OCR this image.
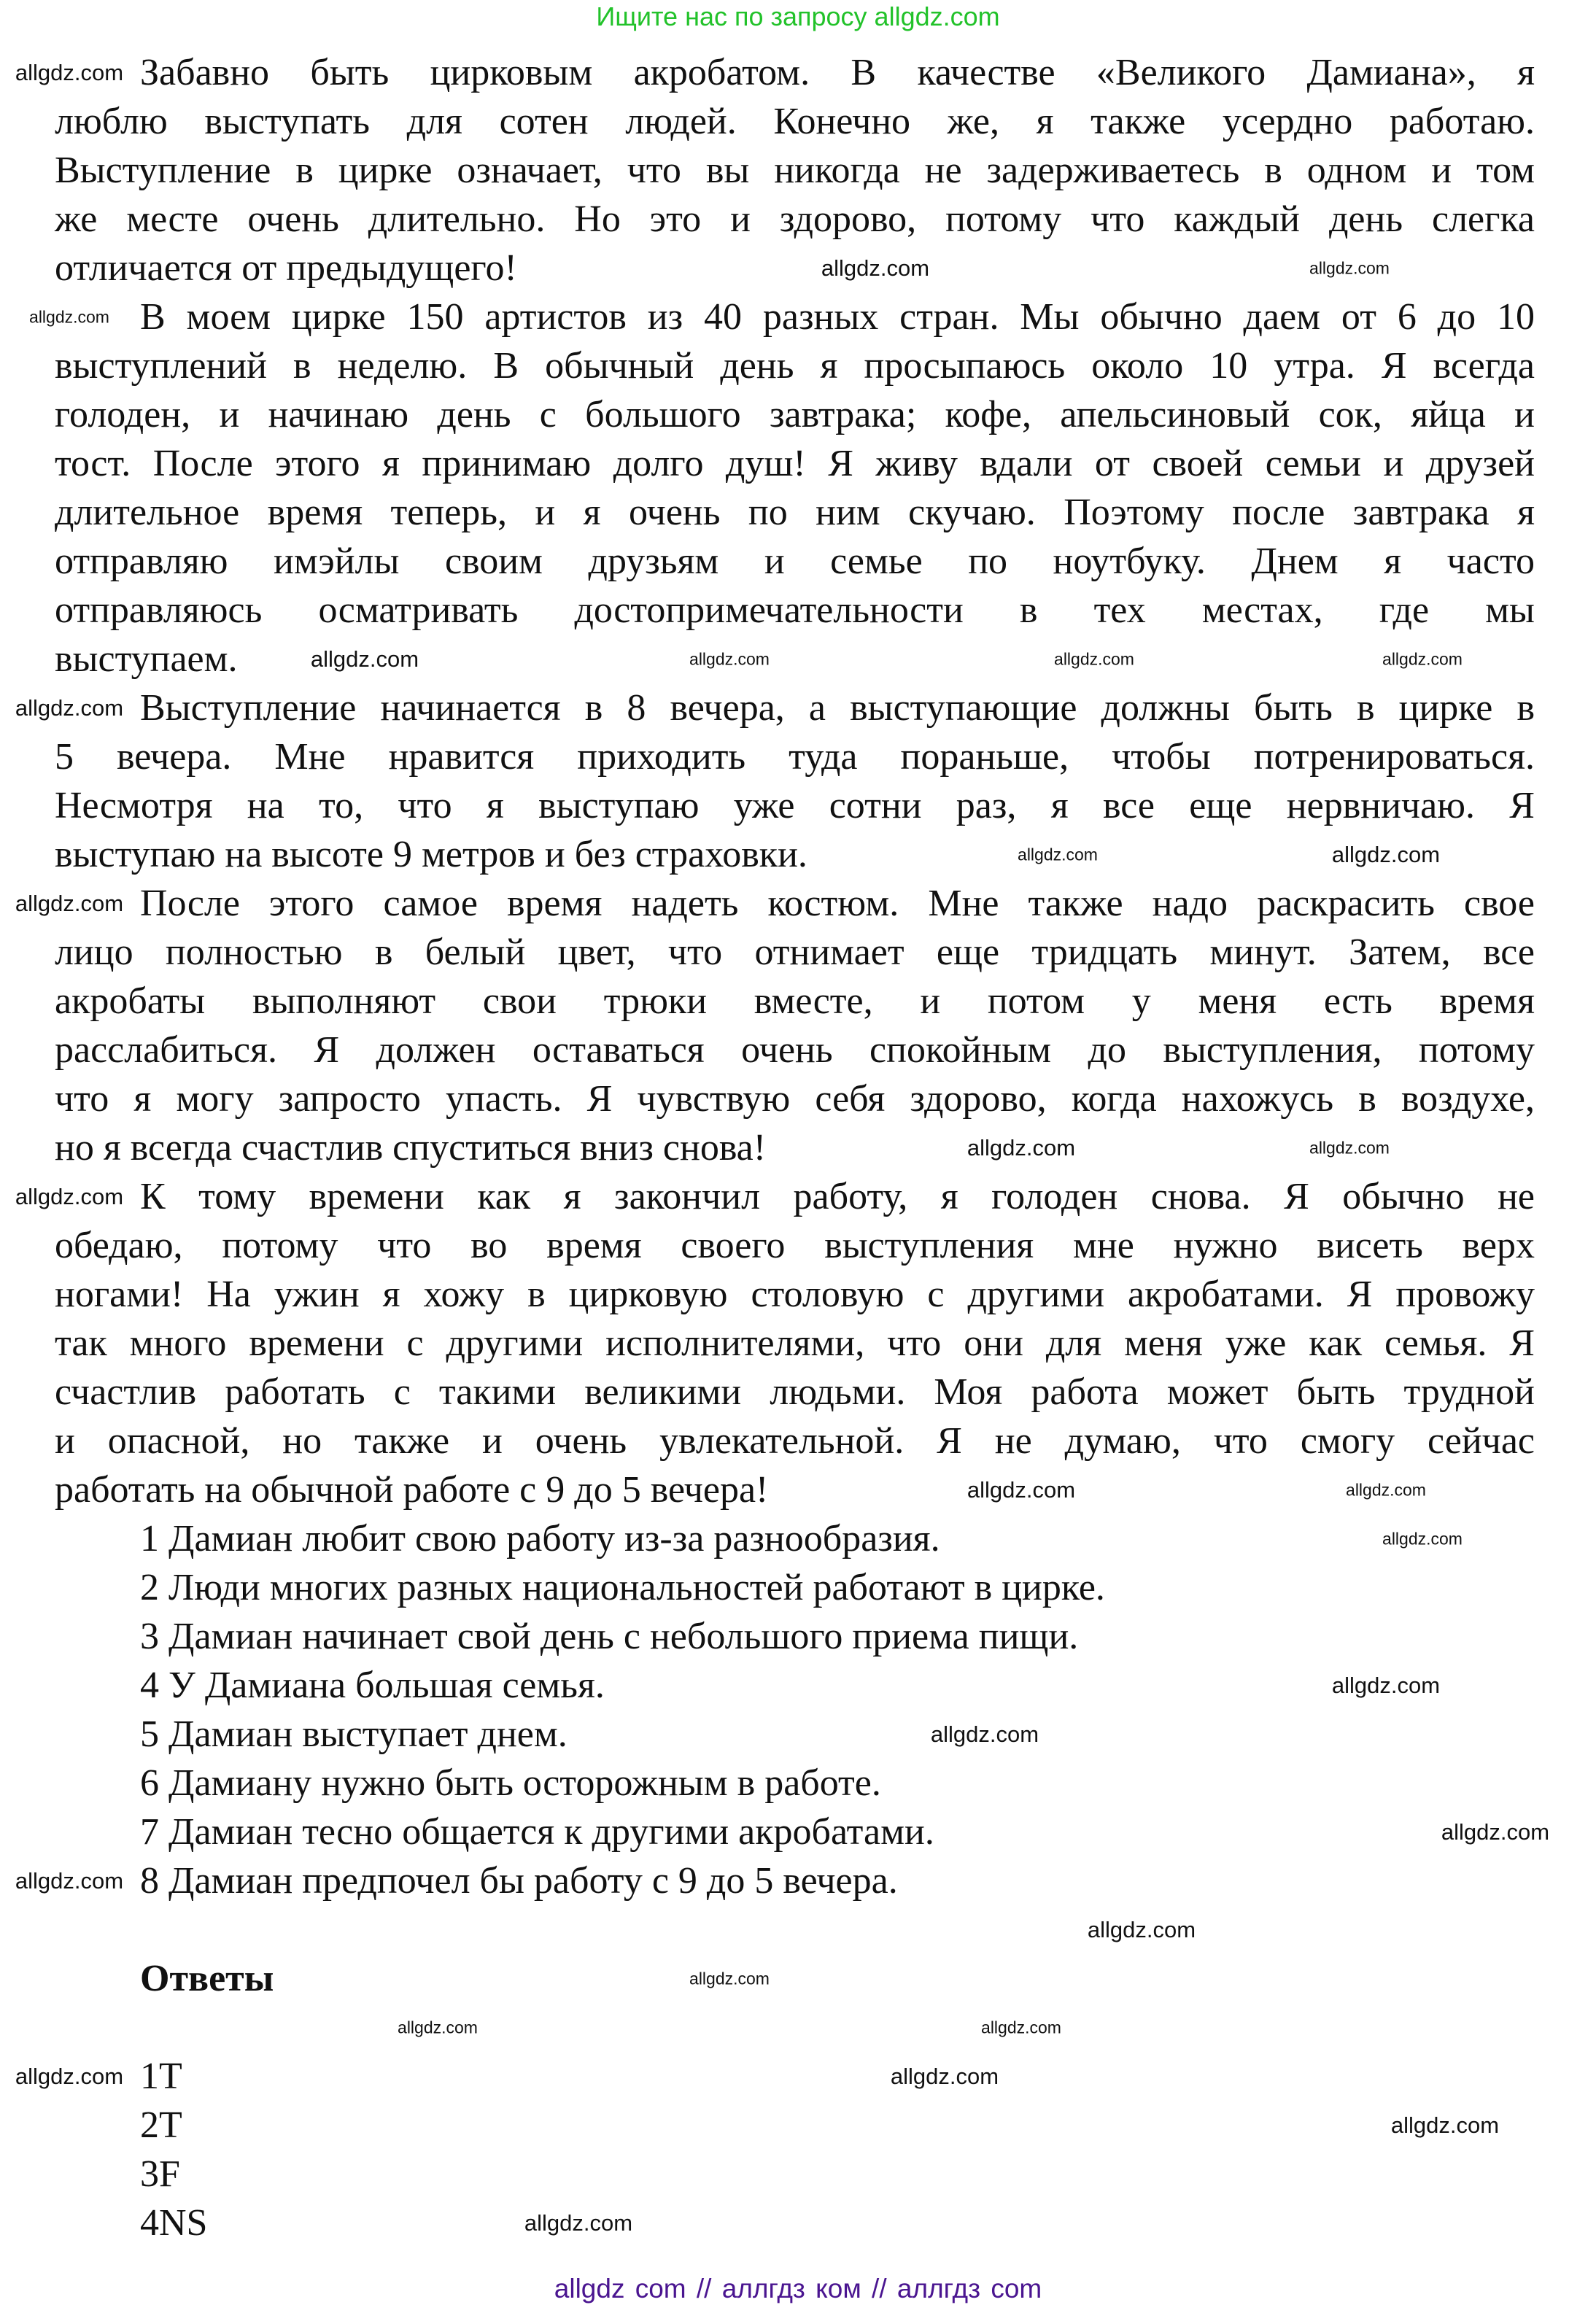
Ищите нас по запросу allgdz.com
Забавно быть цирковым акробатом. В качестве «Великого Дамиана», я
люблю выступать для сотен людей. Конечно же, я также усердно работаю.
Выступление в цирке означает, что вы никогда не задерживаетесь в одном и том
же месте очень длительно. Но это и здорово, потому что каждый день слегка
отличается от предыдущего!
В моем цирке 150 артистов из 40 разных стран. Мы обычно даем от 6 до 10
выступлений в неделю. В обычный день я просыпаюсь около 10 утра. Я всегда
голоден, и начинаю день с большого завтрака; кофе, апельсиновый сок, яйца и
тост. После этого я принимаю долго душ! Я живу вдали от своей семьи и друзей
длительное время теперь, и я очень по ним скучаю. Поэтому после завтрака я
отправляю имэйлы своим друзьям и семье по ноутбуку. Днем я часто
отправляюсь осматривать достопримечательности в тех местах, где мы
выступаем.
Выступление начинается в 8 вечера, а выступающие должны быть в цирке в
5 вечера. Мне нравится приходить туда пораньше, чтобы потренироваться.
Несмотря на то, что я выступаю уже сотни раз, я все еще нервничаю. Я
выступаю на высоте 9 метров и без страховки.
После этого самое время надеть костюм. Мне также надо раскрасить свое
лицо полностью в белый цвет, что отнимает еще тридцать минут. Затем, все
акробаты выполняют свои трюки вместе, и потом у меня есть время
расслабиться. Я должен оставаться очень спокойным до выступления, потому
что я могу запросто упасть. Я чувствую себя здорово, когда нахожусь в воздухе,
но я всегда счастлив спуститься вниз снова!
К тому времени как я закончил работу, я голоден снова. Я обычно не
обедаю, потому что во время своего выступления мне нужно висеть верх
ногами! На ужин я хожу в цирковую столовую с другими акробатами. Я провожу
так много времени с другими исполнителями, что они для меня уже как семья. Я
счастлив работать с такими великими людьми. Моя работа может быть трудной
и опасной, но также и очень увлекательной. Я не думаю, что смогу сейчас
работать на обычной работе с 9 до 5 вечера!
1 Дамиан любит свою работу из-за разнообразия.
2 Люди многих разных национальностей работают в цирке.
3 Дамиан начинает свой день с небольшого приема пищи.
4 У Дамиана большая семья.
5 Дамиан выступает днем.
6 Дамиану нужно быть осторожным в работе.
7 Дамиан тесно общается к другими акробатами.
8 Дамиан предпочел бы работу с 9 до 5 вечера.
Ответы
1T
2T
3F
4NS
allgdz.com
allgdz.com	allgdz.com
allgdz.com
allgdz.com	allgdz.com	allgdz.com	allgdz.com
allgdz.com
allgdz.com	allgdz.com
allgdz.com
allgdz.com	allgdz.com
allgdz.com
allgdz.com	allgdz.com
allgdz.com
allgdz.com
allgdz.com
allgdz.com
allgdz.com
allgdz.com
allgdz.com
allgdz.com	allgdz.com
allgdz.com	allgdz.com
allgdz.com
allgdz.com
allgdz com // аллгдз ком // аллгдз com
